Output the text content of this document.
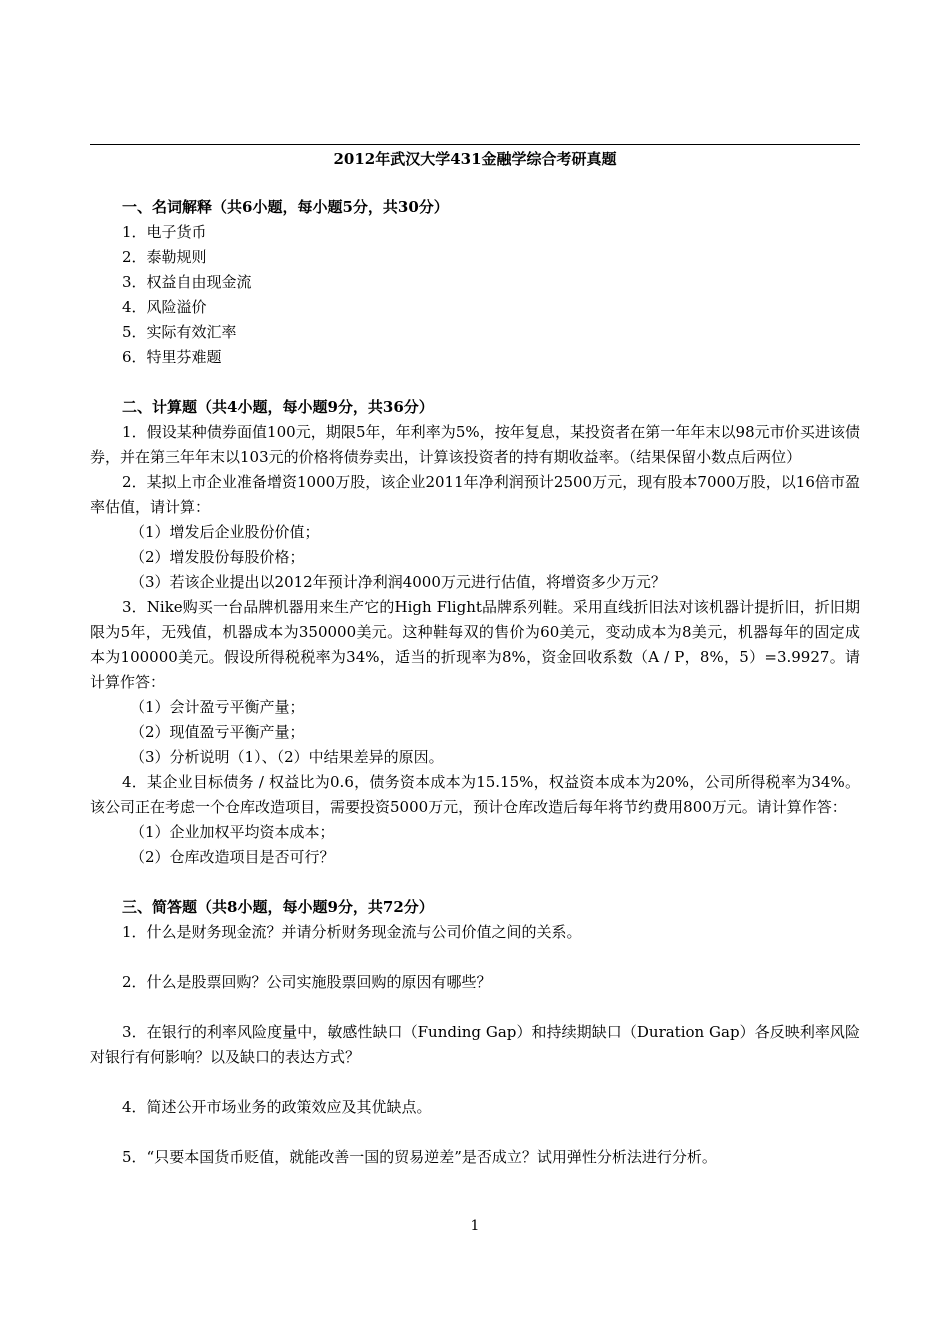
2012年武汉大学431金融学综合考研真题
一、名词解释（共6小题，每小题5分，共30分）
1．电子货币
2．泰勒规则
3．权益自由现金流
4．风险溢价
5．实际有效汇率
6．特里芬难题
二、计算题（共4小题，每小题9分，共36分）
1．假设某种债券面值100元，期限5年，年利率为5%，按年复息，某投资者在第一年年末以98元市价买进该债券，并在第三年年末以103元的价格将债券卖出，计算该投资者的持有期收益率。（结果保留小数点后两位）
2．某拟上市企业准备增资1000万股，该企业2011年净利润预计2500万元，现有股本7000万股，以16倍市盈率估值，请计算：
（1）增发后企业股份价值；
（2）增发股份每股价格；
（3）若该企业提出以2012年预计净利润4000万元进行估值，将增资多少万元？
3．Nike购买一台品牌机器用来生产它的High Flight品牌系列鞋。采用直线折旧法对该机器计提折旧，折旧期限为5年，无残值，机器成本为350000美元。这种鞋每双的售价为60美元，变动成本为8美元，机器每年的固定成本为100000美元。假设所得税税率为34%，适当的折现率为8%，资金回收系数（A / P，8%，5）=3.9927。请计算作答：
（1）会计盈亏平衡产量；
（2）现值盈亏平衡产量；
（3）分析说明（1）、（2）中结果差异的原因。
4．某企业目标债务 / 权益比为0.6，债务资本成本为15.15%，权益资本成本为20%，公司所得税率为34%。该公司正在考虑一个仓库改造项目，需要投资5000万元，预计仓库改造后每年将节约费用800万元。请计算作答：
（1）企业加权平均资本成本；
（2）仓库改造项目是否可行？
三、简答题（共8小题，每小题9分，共72分）
1．什么是财务现金流？并请分析财务现金流与公司价值之间的关系。
2．什么是股票回购？公司实施股票回购的原因有哪些？
3．在银行的利率风险度量中，敏感性缺口（Funding Gap）和持续期缺口（Duration Gap）各反映利率风险对银行有何影响？以及缺口的表达方式？
4．简述公开市场业务的政策效应及其优缺点。
5．“只要本国货币贬值，就能改善一国的贸易逆差”是否成立？试用弹性分析法进行分析。
1
